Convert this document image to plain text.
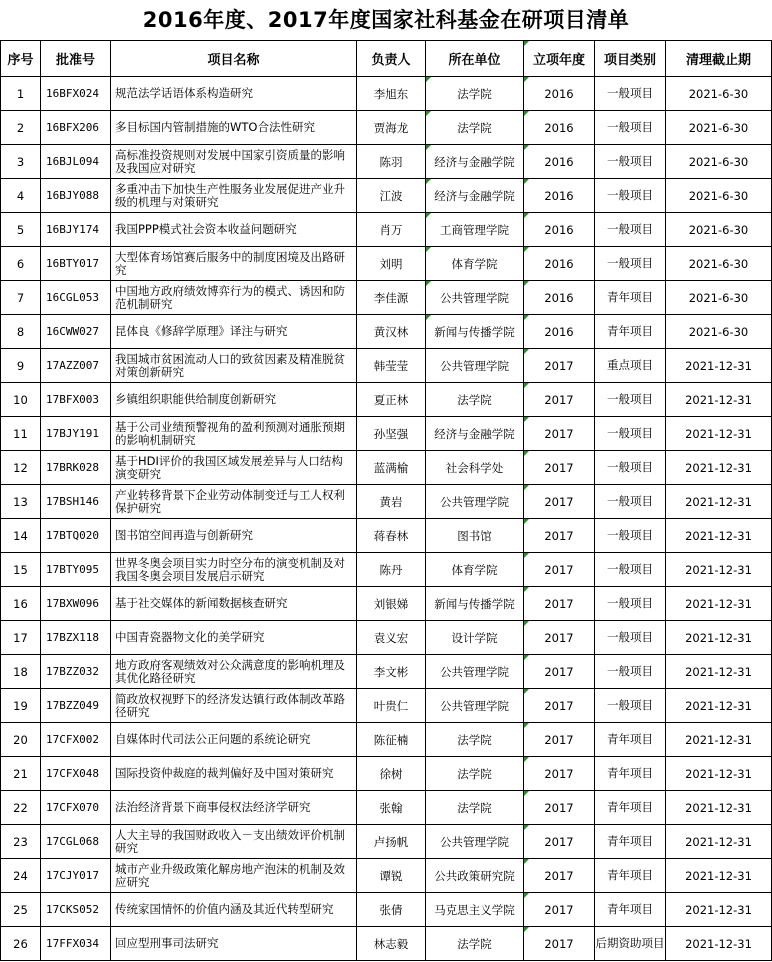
2016年度、2017年度国家社科基金在研项目清单
序号	批准号	项目名称	负责人	所在单位	立项年度	项目类别	清理截止期
1	16BFX024	规范法学话语体系构造研究	李旭东	法学院	2016	一般项目	2021-6-30
2	16BFX206	多目标国内管制措施的WTO合法性研究	贾海龙	法学院	2016	一般项目	2021-6-30
3	16BJL094	高标准投资规则对发展中国家引资质量的影响及我国应对研究	陈羽	经济与金融学院	2016	一般项目	2021-6-30
4	16BJY088	多重冲击下加快生产性服务业发展促进产业升级的机理与对策研究	江波	经济与金融学院	2016	一般项目	2021-6-30
5	16BJY174	我国PPP模式社会资本收益问题研究	肖万	工商管理学院	2016	一般项目	2021-6-30
6	16BTY017	大型体育场馆赛后服务中的制度困境及出路研究	刘明	体育学院	2016	一般项目	2021-6-30
7	16CGL053	中国地方政府绩效博弈行为的模式、诱因和防范机制研究	李佳源	公共管理学院	2016	青年项目	2021-6-30
8	16CWW027	昆体良《修辞学原理》译注与研究	黄汉林	新闻与传播学院	2016	青年项目	2021-6-30
9	17AZZ007	我国城市贫困流动人口的致贫因素及精准脱贫对策创新研究	韩莹莹	公共管理学院	2017	重点项目	2021-12-31
10	17BFX003	乡镇组织职能供给制度创新研究	夏正林	法学院	2017	一般项目	2021-12-31
11	17BJY191	基于公司业绩预警视角的盈利预测对通胀预期的影响机制研究	孙坚强	经济与金融学院	2017	一般项目	2021-12-31
12	17BRK028	基于HDI评价的我国区域发展差异与人口结构演变研究	蓝满榆	社会科学处	2017	一般项目	2021-12-31
13	17BSH146	产业转移背景下企业劳动体制变迁与工人权利保护研究	黄岩	公共管理学院	2017	一般项目	2021-12-31
14	17BTQ020	图书馆空间再造与创新研究	蒋春林	图书馆	2017	一般项目	2021-12-31
15	17BTY095	世界冬奥会项目实力时空分布的演变机制及对我国冬奥会项目发展启示研究	陈丹	体育学院	2017	一般项目	2021-12-31
16	17BXW096	基于社交媒体的新闻数据核查研究	刘银娣	新闻与传播学院	2017	一般项目	2021-12-31
17	17BZX118	中国青瓷器物文化的美学研究	袁义宏	设计学院	2017	一般项目	2021-12-31
18	17BZZ032	地方政府客观绩效对公众满意度的影响机理及其优化路径研究	李文彬	公共管理学院	2017	一般项目	2021-12-31
19	17BZZ049	简政放权视野下的经济发达镇行政体制改革路径研究	叶贵仁	公共管理学院	2017	一般项目	2021-12-31
20	17CFX002	自媒体时代司法公正问题的系统论研究	陈征楠	法学院	2017	青年项目	2021-12-31
21	17CFX048	国际投资仲裁庭的裁判偏好及中国对策研究	徐树	法学院	2017	青年项目	2021-12-31
22	17CFX070	法治经济背景下商事侵权法经济学研究	张翰	法学院	2017	青年项目	2021-12-31
23	17CGL068	人大主导的我国财政收入－支出绩效评价机制研究	卢扬帆	公共管理学院	2017	青年项目	2021-12-31
24	17CJY017	城市产业升级政策化解房地产泡沫的机制及效应研究	谭锐	公共政策研究院	2017	青年项目	2021-12-31
25	17CKS052	传统家国情怀的价值内涵及其近代转型研究	张倩	马克思主义学院	2017	青年项目	2021-12-31
26	17FFX034	回应型刑事司法研究	林志毅	法学院	2017	后期资助项目	2021-12-31
